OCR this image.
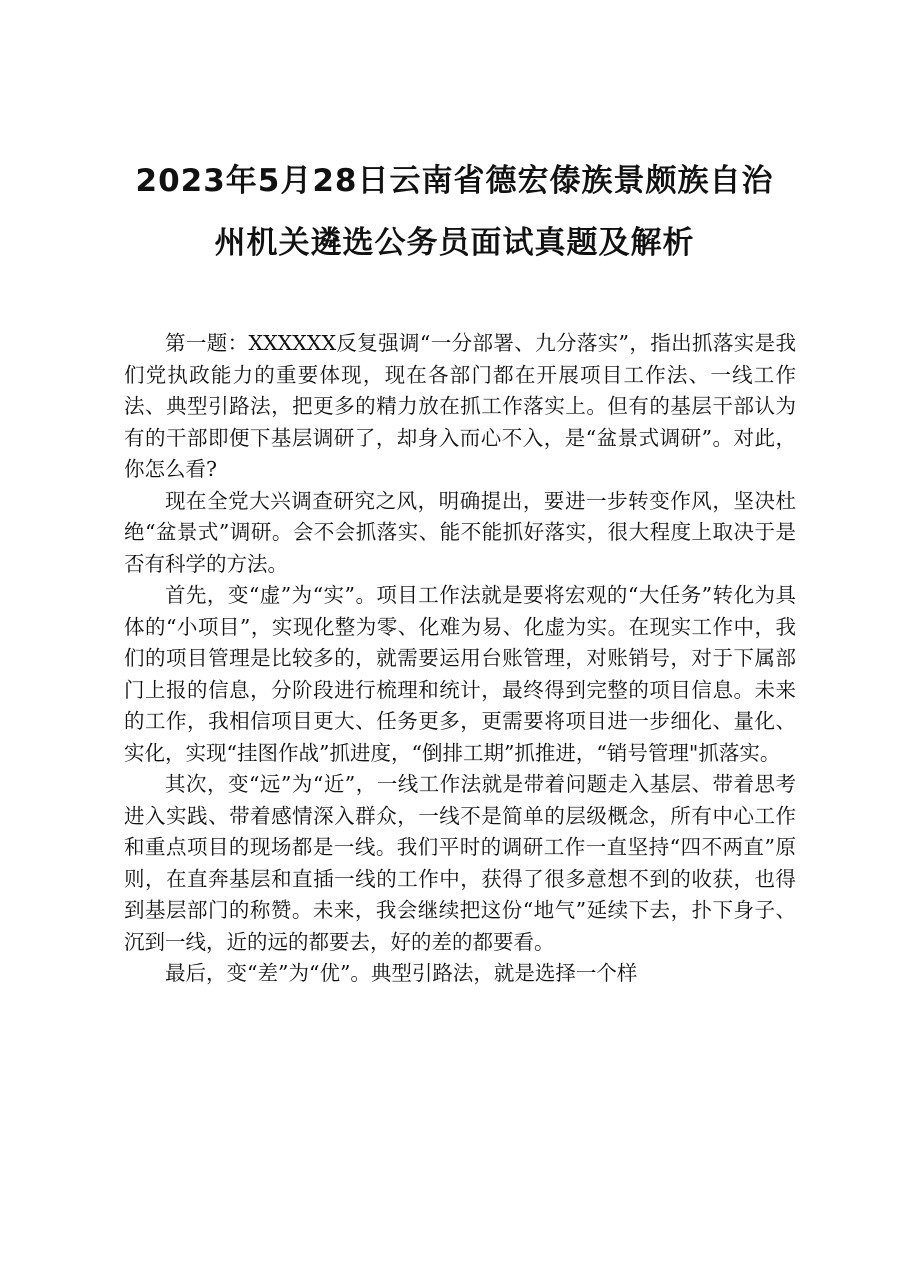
2023年5月28日云南省德宏傣族景颇族自治
州机关遴选公务员面试真题及解析

第一题：XXXXXX反复强调“一分部署、九分落实”，指出抓落实是我们党执政能力的重要体现，现在各部门都在开展项目工作法、一线工作法、典型引路法，把更多的精力放在抓工作落实上。但有的基层干部认为有的干部即便下基层调研了，却身入而心不入，是“盆景式调研”。对此，你怎么看?

现在全党大兴调查研究之风，明确提出，要进一步转变作风，坚决杜绝“盆景式”调研。会不会抓落实、能不能抓好落实，很大程度上取决于是否有科学的方法。

首先，变“虚”为“实”。项目工作法就是要将宏观的“大任务”转化为具体的“小项目”，实现化整为零、化难为易、化虚为实。在现实工作中，我们的项目管理是比较多的，就需要运用台账管理，对账销号，对于下属部门上报的信息，分阶段进行梳理和统计，最终得到完整的项目信息。未来的工作，我相信项目更大、任务更多，更需要将项目进一步细化、量化、实化，实现“挂图作战”抓进度，“倒排工期”抓推进，“销号管理"抓落实。

其次，变“远”为“近”，一线工作法就是带着问题走入基层、带着思考进入实践、带着感情深入群众，一线不是简单的层级概念，所有中心工作和重点项目的现场都是一线。我们平时的调研工作一直坚持“四不两直”原则，在直奔基层和直插一线的工作中，获得了很多意想不到的收获，也得到基层部门的称赞。未来，我会继续把这份“地气”延续下去，扑下身子、沉到一线，近的远的都要去，好的差的都要看。

最后，变“差”为“优”。典型引路法，就是选择一个样
